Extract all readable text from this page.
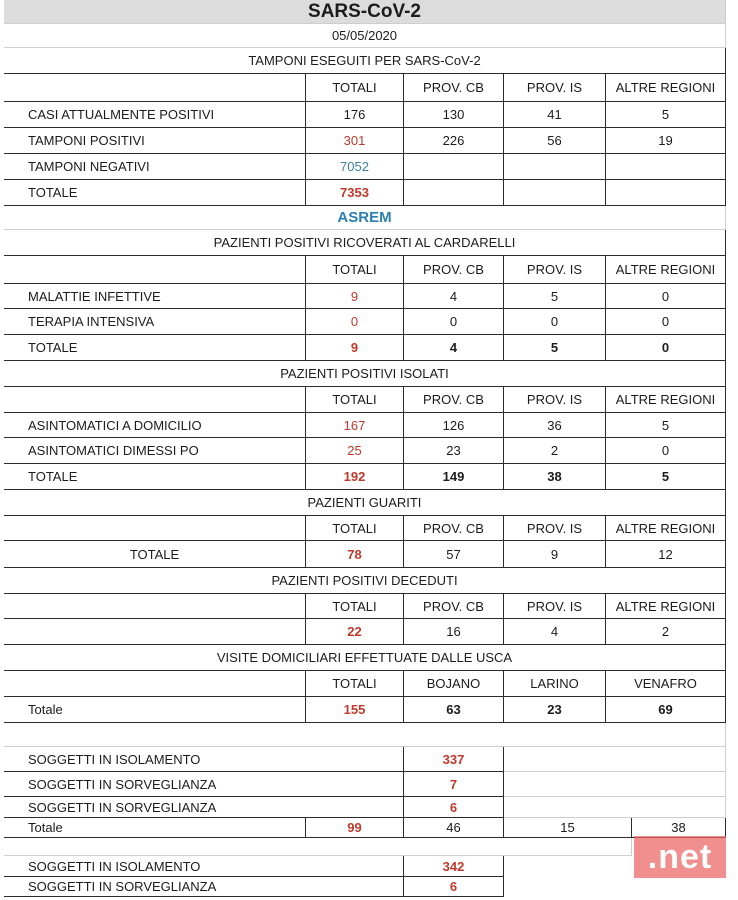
SARS-CoV-2
05/05/2020
TAMPONI ESEGUITI PER SARS-CoV-2
TOTALI	PROV. CB	PROV. IS	ALTRE REGIONI
CASI ATTUALMENTE POSITIVI	176	130	41	5
TAMPONI POSITIVI	301	226	56	19
TAMPONI NEGATIVI	7052
TOTALE	7353
ASREM
PAZIENTI POSITIVI RICOVERATI AL CARDARELLI
TOTALI	PROV. CB	PROV. IS	ALTRE REGIONI
MALATTIE INFETTIVE	9	4	5	0
TERAPIA INTENSIVA	0	0	0	0
TOTALE	9	4	5	0
PAZIENTI POSITIVI ISOLATI
TOTALI	PROV. CB	PROV. IS	ALTRE REGIONI
ASINTOMATICI A DOMICILIO	167	126	36	5
ASINTOMATICI DIMESSI PO	25	23	2	0
TOTALE	192	149	38	5
PAZIENTI GUARITI
TOTALI	PROV. CB	PROV. IS	ALTRE REGIONI
TOTALE	78	57	9	12
PAZIENTI POSITIVI DECEDUTI
TOTALI	PROV. CB	PROV. IS	ALTRE REGIONI
22	16	4	2
VISITE DOMICILIARI EFFETTUATE DALLE USCA
TOTALI	BOJANO	LARINO	VENAFRO
Totale	155	63	23	69
SOGGETTI IN ISOLAMENTO	337
SOGGETTI IN SORVEGLIANZA	7
SOGGETTI IN SORVEGLIANZA	6
Totale	99	46	15	38
SOGGETTI IN ISOLAMENTO	342
SOGGETTI IN SORVEGLIANZA	6
.net
